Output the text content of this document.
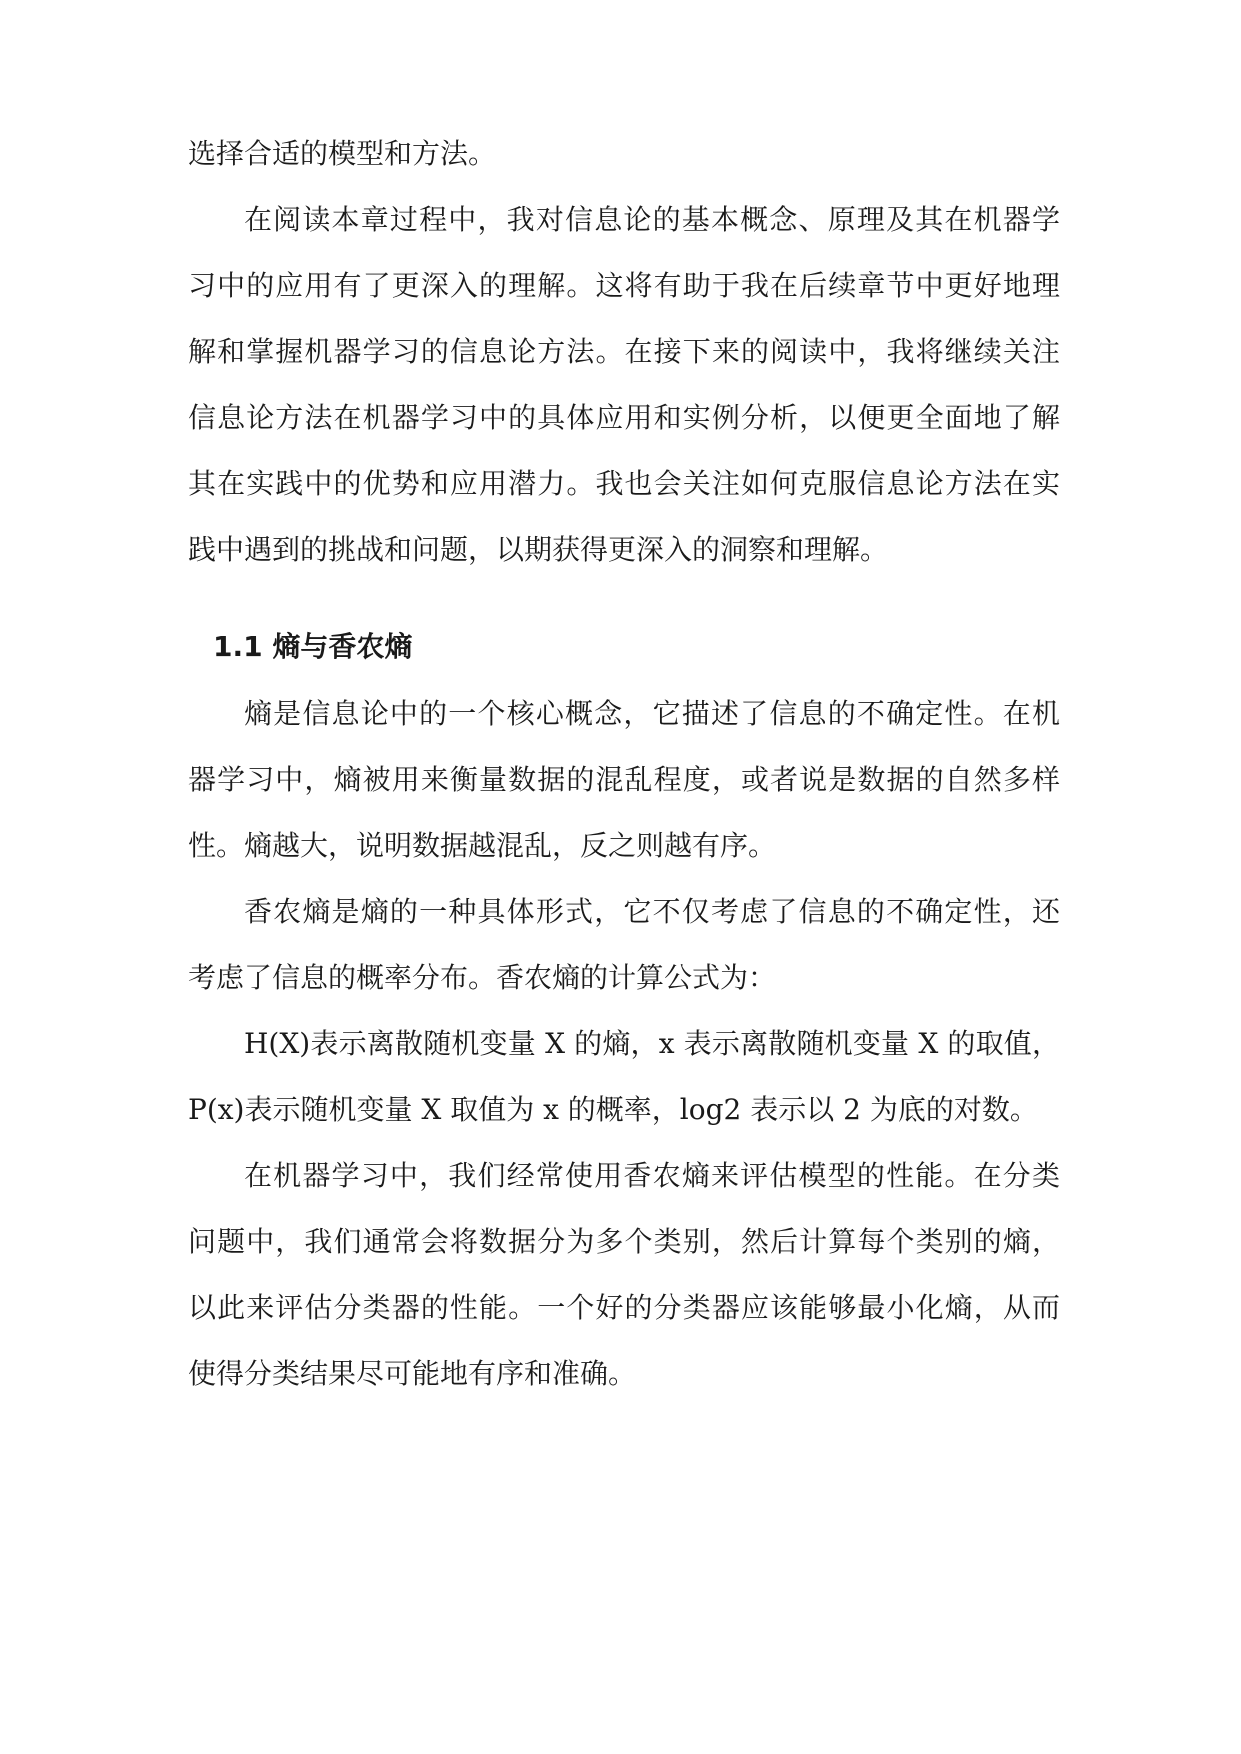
选择合适的模型和方法。
在阅读本章过程中，我对信息论的基本概念、原理及其在机器学
习中的应用有了更深入的理解。这将有助于我在后续章节中更好地理
解和掌握机器学习的信息论方法。在接下来的阅读中，我将继续关注
信息论方法在机器学习中的具体应用和实例分析，以便更全面地了解
其在实践中的优势和应用潜力。我也会关注如何克服信息论方法在实
践中遇到的挑战和问题，以期获得更深入的洞察和理解。
1.1 熵与香农熵
熵是信息论中的一个核心概念，它描述了信息的不确定性。在机
器学习中，熵被用来衡量数据的混乱程度，或者说是数据的自然多样
性。熵越大，说明数据越混乱，反之则越有序。
香农熵是熵的一种具体形式，它不仅考虑了信息的不确定性，还
考虑了信息的概率分布。香农熵的计算公式为：
H(X)表示离散随机变量 X 的熵，x 表示离散随机变量 X 的取值，
P(x)表示随机变量 X 取值为 x 的概率，log2 表示以 2 为底的对数。
在机器学习中，我们经常使用香农熵来评估模型的性能。在分类
问题中，我们通常会将数据分为多个类别，然后计算每个类别的熵，
以此来评估分类器的性能。一个好的分类器应该能够最小化熵，从而
使得分类结果尽可能地有序和准确。
